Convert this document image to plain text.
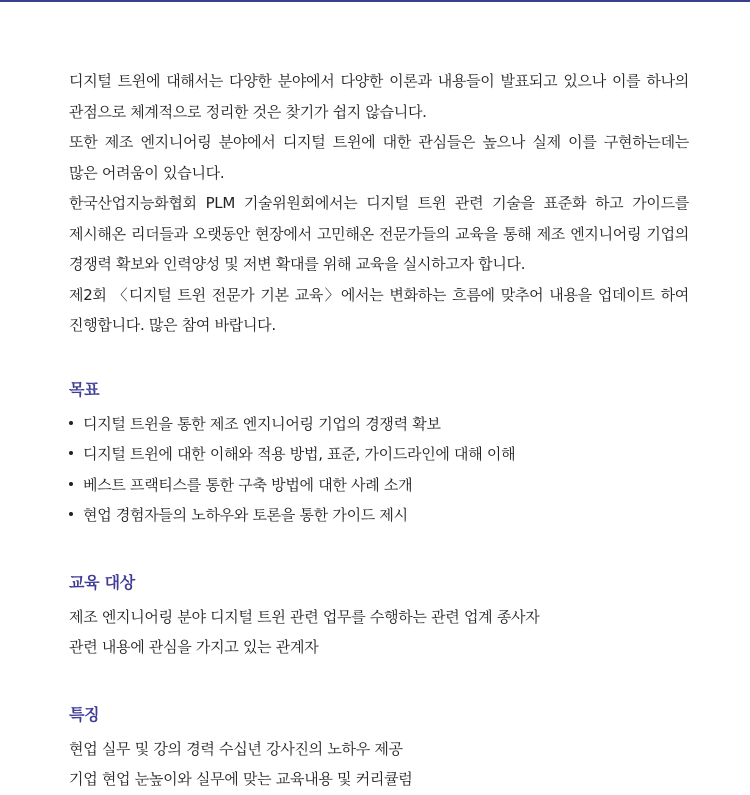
디지털 트윈에 대해서는 다양한 분야에서 다양한 이론과 내용들이 발표되고 있으나 이를 하나의 관점으로 체계적으로 정리한 것은 찾기가 쉽지 않습니다.

또한 제조 엔지니어링 분야에서 디지털 트윈에 대한 관심들은 높으나 실제 이를 구현하는데는 많은 어려움이 있습니다.

한국산업지능화협회 PLM 기술위원회에서는 디지털 트윈 관련 기술을 표준화 하고 가이드를 제시해온 리더들과 오랫동안 현장에서 고민해온 전문가들의 교육을 통해 제조 엔지니어링 기업의 경쟁력 확보와 인력양성 및 저변 확대를 위해 교육을 실시하고자 합니다.

제2회 〈디지털 트윈 전문가 기본 교육〉에서는 변화하는 흐름에 맞추어 내용을 업데이트 하여 진행합니다. 많은 참여 바랍니다.

목표
디지털 트윈을 통한 제조 엔지니어링 기업의 경쟁력 확보
디지털 트윈에 대한 이해와 적용 방법, 표준, 가이드라인에 대해 이해
베스트 프랙티스를 통한 구축 방법에 대한 사례 소개
현업 경험자들의 노하우와 토론을 통한 가이드 제시
교육 대상
제조 엔지니어링 분야 디지털 트윈 관련 업무를 수행하는 관련 업계 종사자
관련 내용에 관심을 가지고 있는 관계자
특징
현업 실무 및 강의 경력 수십년 강사진의 노하우 제공
기업 현업 눈높이와 실무에 맞는 교육내용 및 커리큘럼
